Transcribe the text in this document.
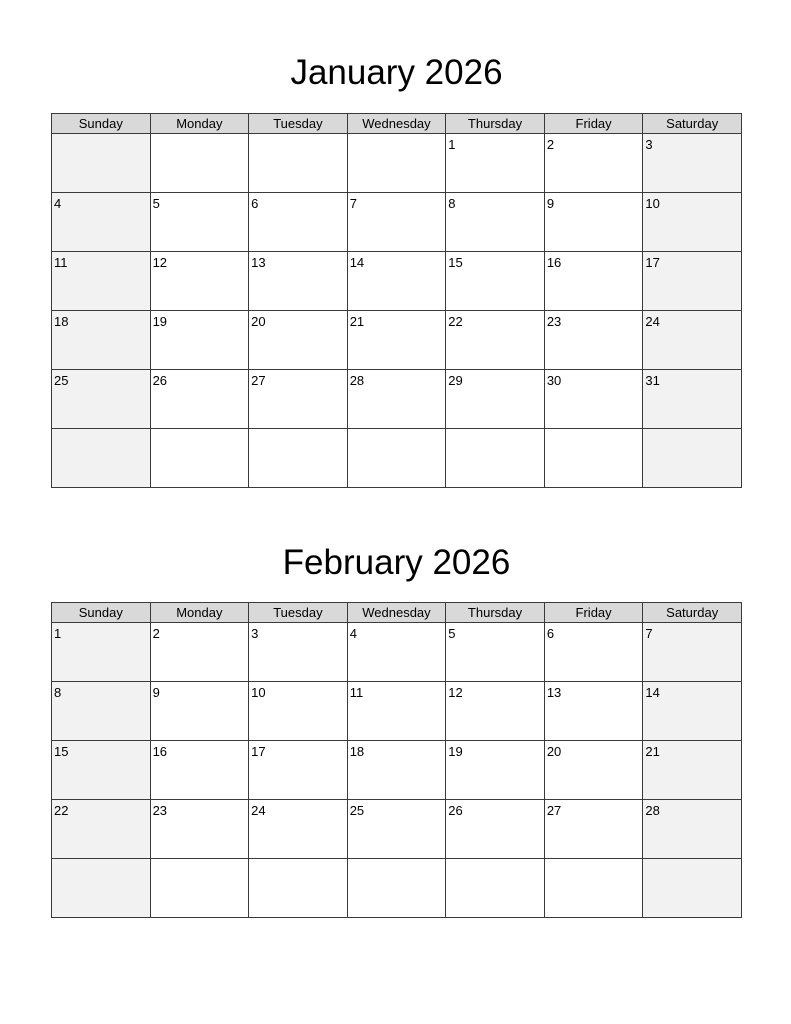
January 2026
Sunday	Monday	Tuesday	Wednesday	Thursday	Friday	Saturday

				1	2	3

4	5	6	7	8	9	10

11	12	13	14	15	16	17

18	19	20	21	22	23	24

25	26	27	28	29	30	31

February 2026
Sunday	Monday	Tuesday	Wednesday	Thursday	Friday	Saturday

1	2	3	4	5	6	7

8	9	10	11	12	13	14

15	16	17	18	19	20	21

22	23	24	25	26	27	28
